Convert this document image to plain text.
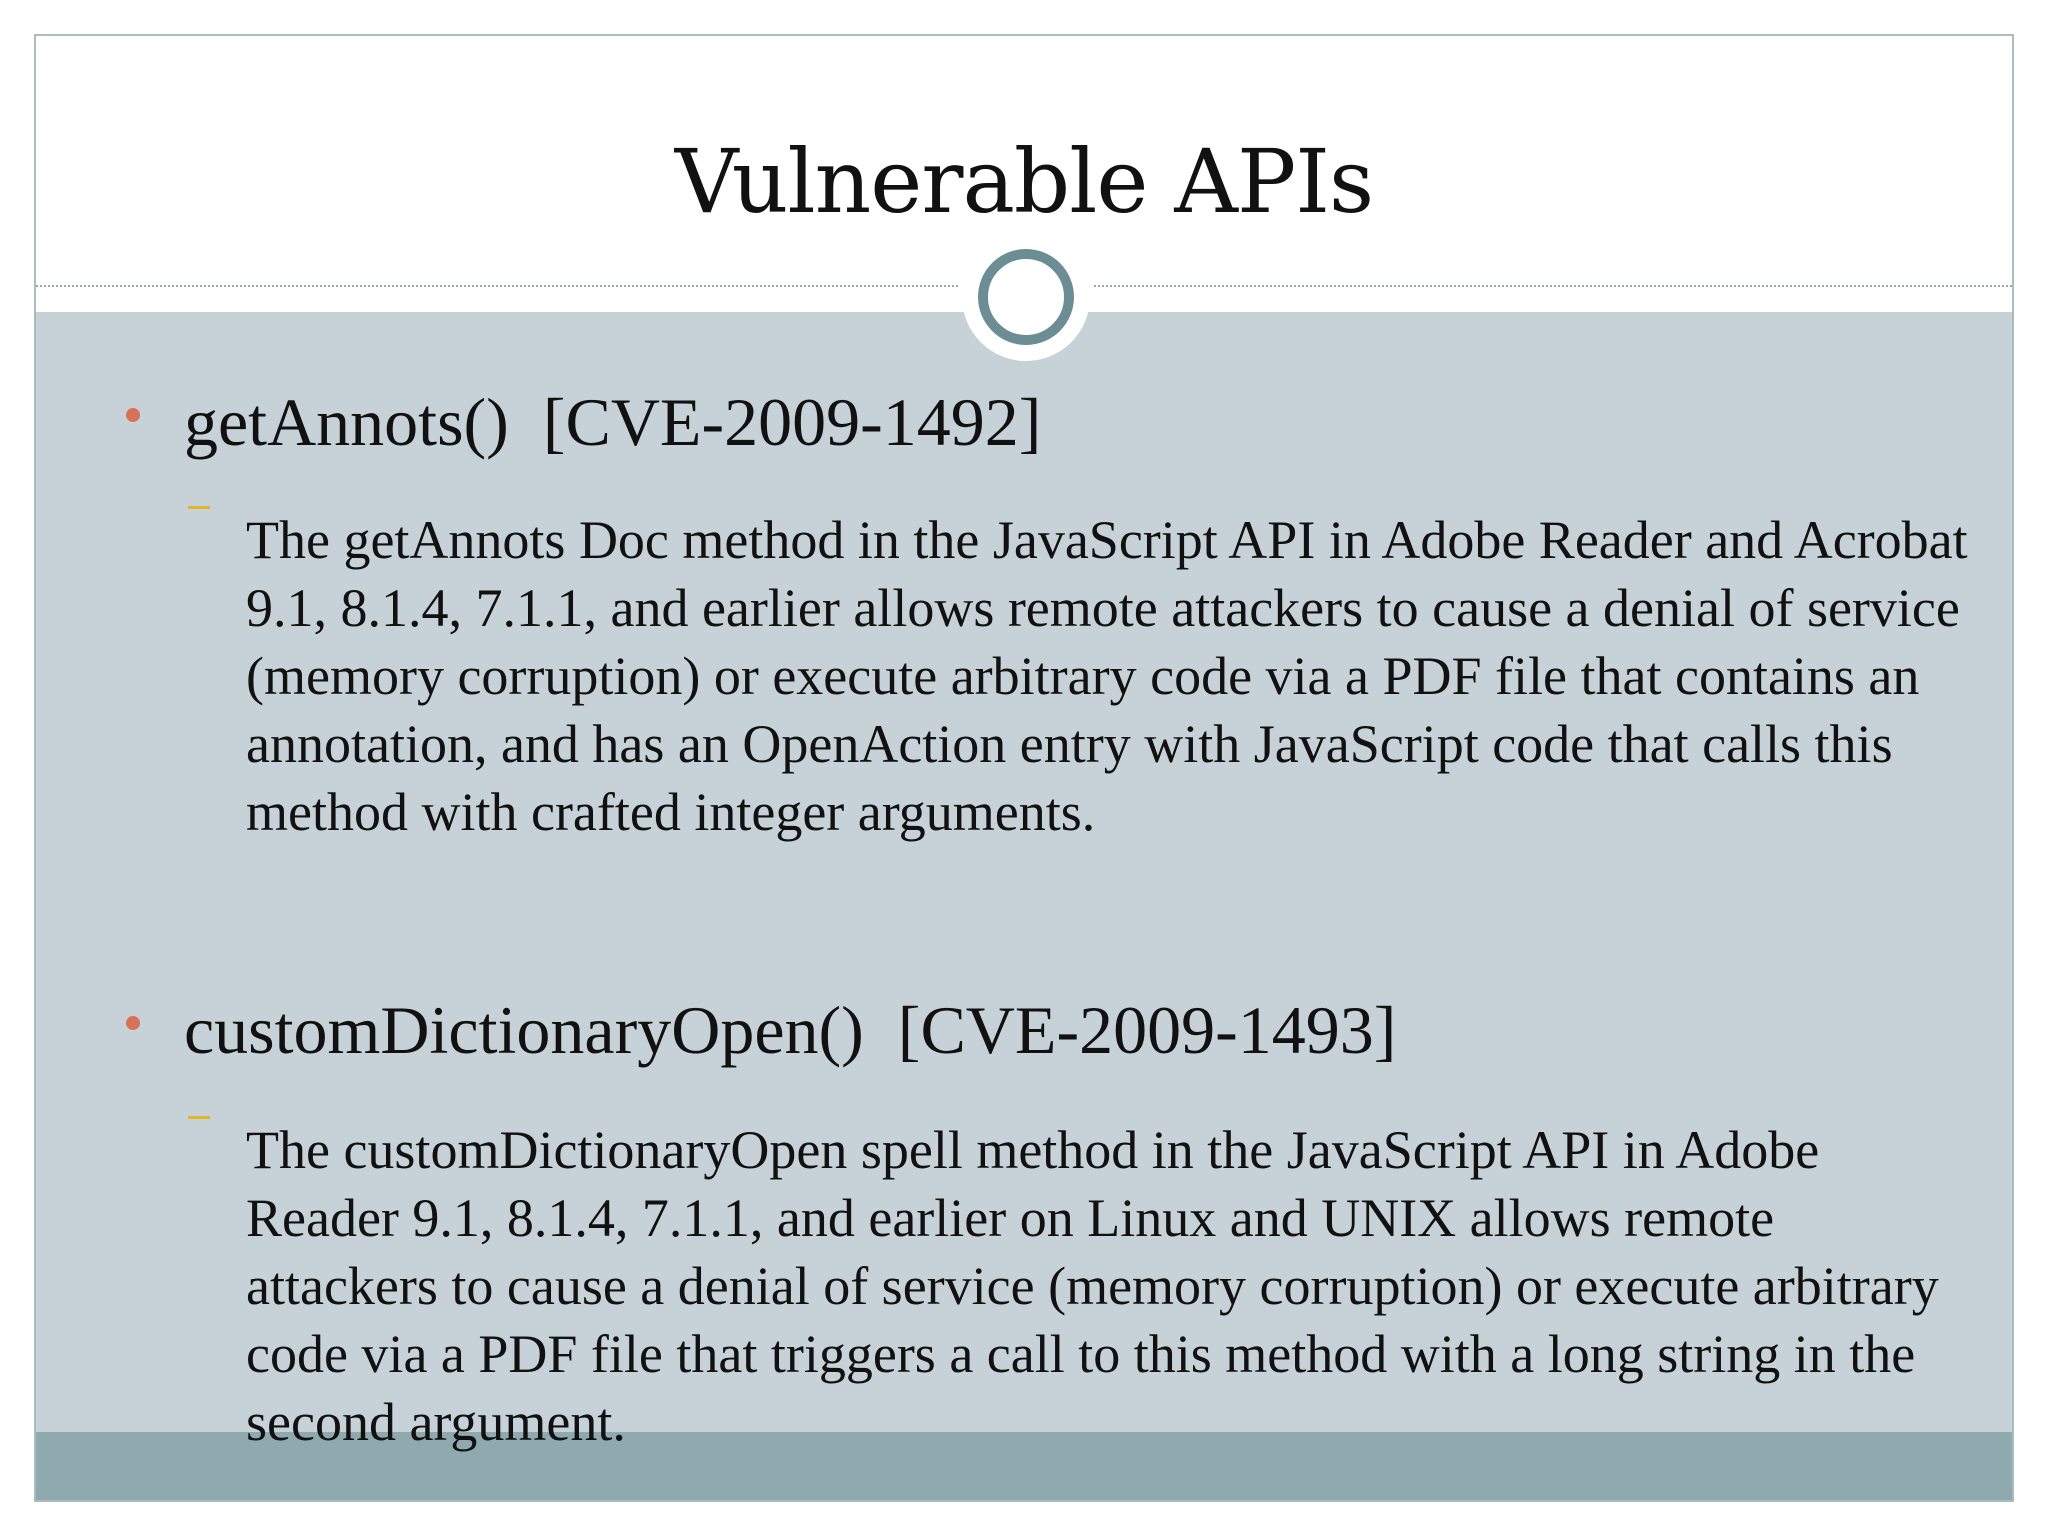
Vulnerable APIs
getAnnots()  [CVE-2009-1492]

The getAnnots Doc method in the JavaScript API in Adobe Reader and Acrobat 9.1, 8.1.4, 7.1.1, and earlier allows remote attackers to cause a denial of service (memory corruption) or execute arbitrary code via a PDF file that contains an annotation, and has an OpenAction entry with JavaScript code that calls this method with crafted integer arguments.

customDictionaryOpen()  [CVE-2009-1493]

The customDictionaryOpen spell method in the JavaScript API in Adobe Reader 9.1, 8.1.4, 7.1.1, and earlier on Linux and UNIX allows remote attackers to cause a denial of service (memory corruption) or execute arbitrary code via a PDF file that triggers a call to this method with a long string in the second argument.
